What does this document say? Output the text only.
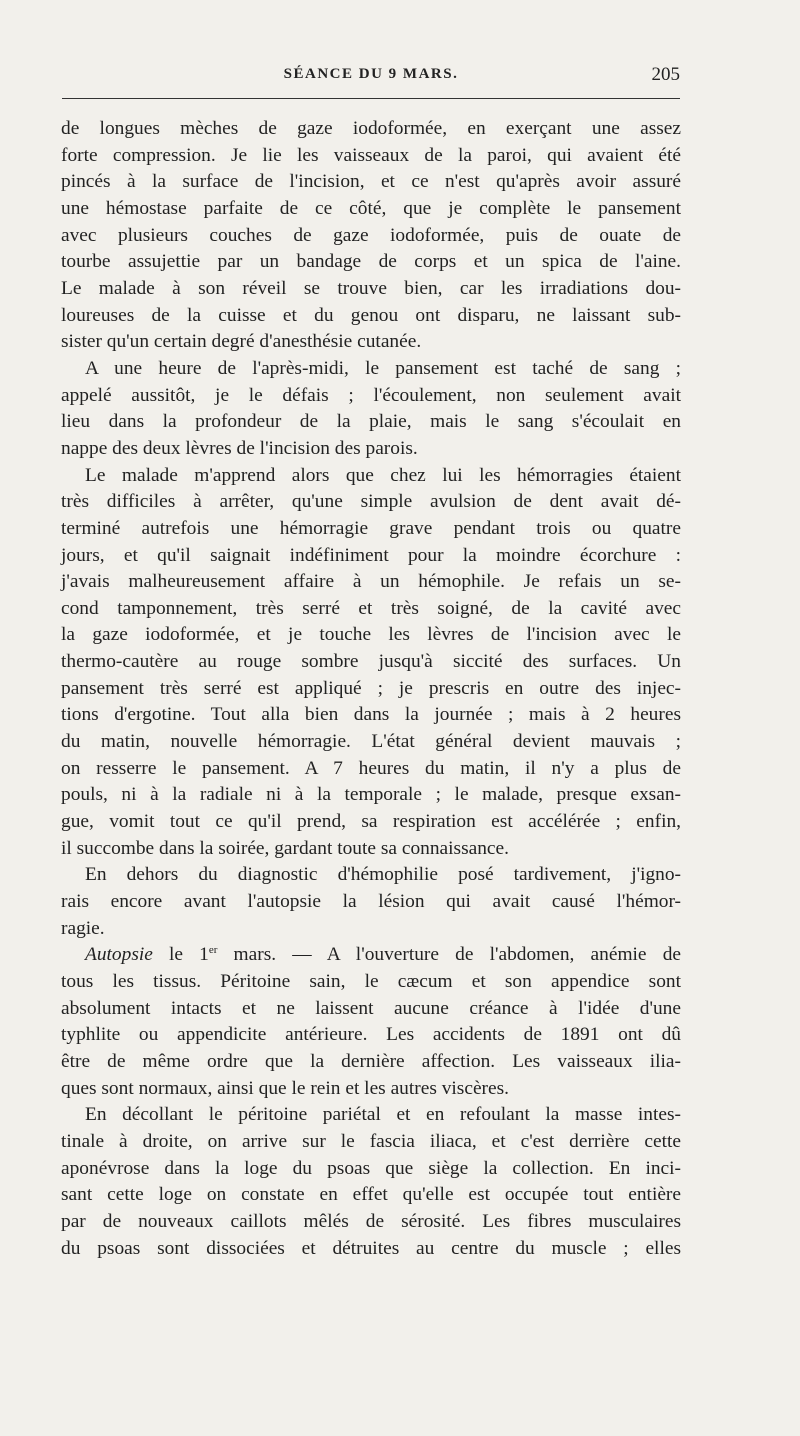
SÉANCE DU 9 MARS.	205

de longues mèches de gaze iodoformée, en exerçant une assez
forte compression. Je lie les vaisseaux de la paroi, qui avaient été
pincés à la surface de l'incision, et ce n'est qu'après avoir assuré
une hémostase parfaite de ce côté, que je complète le pansement
avec plusieurs couches de gaze iodoformée, puis de ouate de
tourbe assujettie par un bandage de corps et un spica de l'aine.
Le malade à son réveil se trouve bien, car les irradiations dou-
loureuses de la cuisse et du genou ont disparu, ne laissant sub-
sister qu'un certain degré d'anesthésie cutanée.

A une heure de l'après-midi, le pansement est taché de sang ;
appelé aussitôt, je le défais ; l'écoulement, non seulement avait
lieu dans la profondeur de la plaie, mais le sang s'écoulait en
nappe des deux lèvres de l'incision des parois.

Le malade m'apprend alors que chez lui les hémorragies étaient
très difficiles à arrêter, qu'une simple avulsion de dent avait dé-
terminé autrefois une hémorragie grave pendant trois ou quatre
jours, et qu'il saignait indéfiniment pour la moindre écorchure :
j'avais malheureusement affaire à un hémophile. Je refais un se-
cond tamponnement, très serré et très soigné, de la cavité avec
la gaze iodoformée, et je touche les lèvres de l'incision avec le
thermo-cautère au rouge sombre jusqu'à siccité des surfaces. Un
pansement très serré est appliqué ; je prescris en outre des injec-
tions d'ergotine. Tout alla bien dans la journée ; mais à 2 heures
du matin, nouvelle hémorragie. L'état général devient mauvais ;
on resserre le pansement. A 7 heures du matin, il n'y a plus de
pouls, ni à la radiale ni à la temporale ; le malade, presque exsan-
gue, vomit tout ce qu'il prend, sa respiration est accélérée ; enfin,
il succombe dans la soirée, gardant toute sa connaissance.

En dehors du diagnostic d'hémophilie posé tardivement, j'igno-
rais encore avant l'autopsie la lésion qui avait causé l'hémor-
ragie.

Autopsie le 1er mars. — A l'ouverture de l'abdomen, anémie de
tous les tissus. Péritoine sain, le cæcum et son appendice sont
absolument intacts et ne laissent aucune créance à l'idée d'une
typhlite ou appendicite antérieure. Les accidents de 1891 ont dû
être de même ordre que la dernière affection. Les vaisseaux ilia-
ques sont normaux, ainsi que le rein et les autres viscères.

En décollant le péritoine pariétal et en refoulant la masse intes-
tinale à droite, on arrive sur le fascia iliaca, et c'est derrière cette
aponévrose dans la loge du psoas que siège la collection. En inci-
sant cette loge on constate en effet qu'elle est occupée tout entière
par de nouveaux caillots mêlés de sérosité. Les fibres musculaires
du psoas sont dissociées et détruites au centre du muscle ; elles
